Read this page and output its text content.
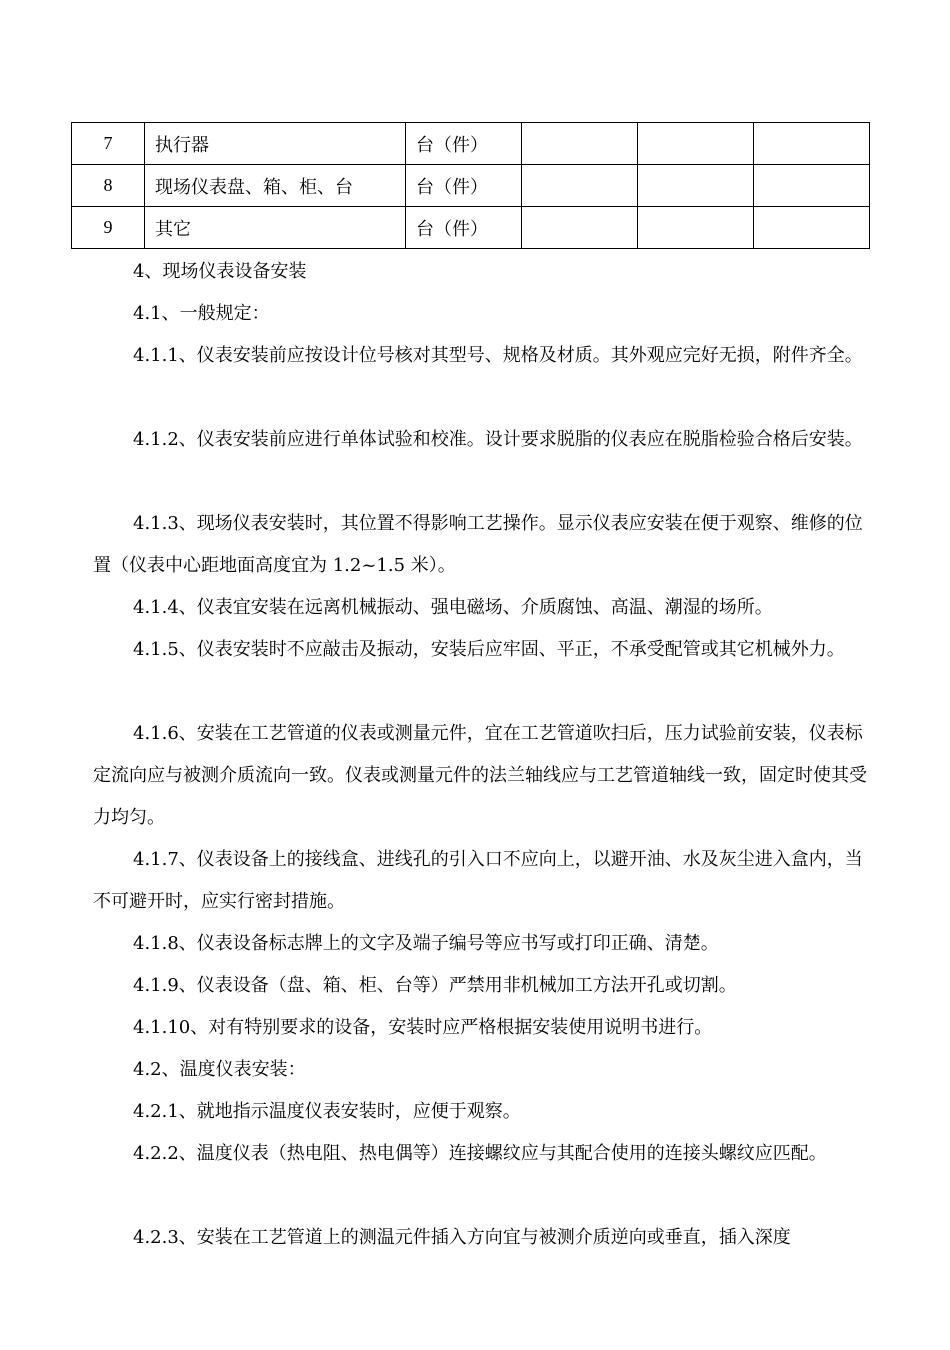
7	执行器	台（件）			
8	现场仪表盘、箱、柜、台	台（件）			
9	其它	台（件）			

4、现场仪表设备安装

4.1、一般规定：

4.1.1、仪表安装前应按设计位号核对其型号、规格及材质。其外观应完好无损，附件齐全。

4.1.2、仪表安装前应进行单体试验和校准。设计要求脱脂的仪表应在脱脂检验合格后安装。

4.1.3、现场仪表安装时，其位置不得影响工艺操作。显示仪表应安装在便于观察、维修的位置（仪表中心距地面高度宜为 1.2~1.5 米）。

4.1.4、仪表宜安装在远离机械振动、强电磁场、介质腐蚀、高温、潮湿的场所。

4.1.5、仪表安装时不应敲击及振动，安装后应牢固、平正，不承受配管或其它机械外力。

4.1.6、安装在工艺管道的仪表或测量元件，宜在工艺管道吹扫后，压力试验前安装，仪表标定流向应与被测介质流向一致。仪表或测量元件的法兰轴线应与工艺管道轴线一致，固定时使其受力均匀。

4.1.7、仪表设备上的接线盒、进线孔的引入口不应向上，以避开油、水及灰尘进入盒内，当不可避开时，应实行密封措施。

4.1.8、仪表设备标志牌上的文字及端子编号等应书写或打印正确、清楚。

4.1.9、仪表设备（盘、箱、柜、台等）严禁用非机械加工方法开孔或切割。

4.1.10、对有特别要求的设备，安装时应严格根据安装使用说明书进行。

4.2、温度仪表安装：

4.2.1、就地指示温度仪表安装时，应便于观察。

4.2.2、温度仪表（热电阻、热电偶等）连接螺纹应与其配合使用的连接头螺纹应匹配。

4.2.3、安装在工艺管道上的测温元件插入方向宜与被测介质逆向或垂直，插入深度
